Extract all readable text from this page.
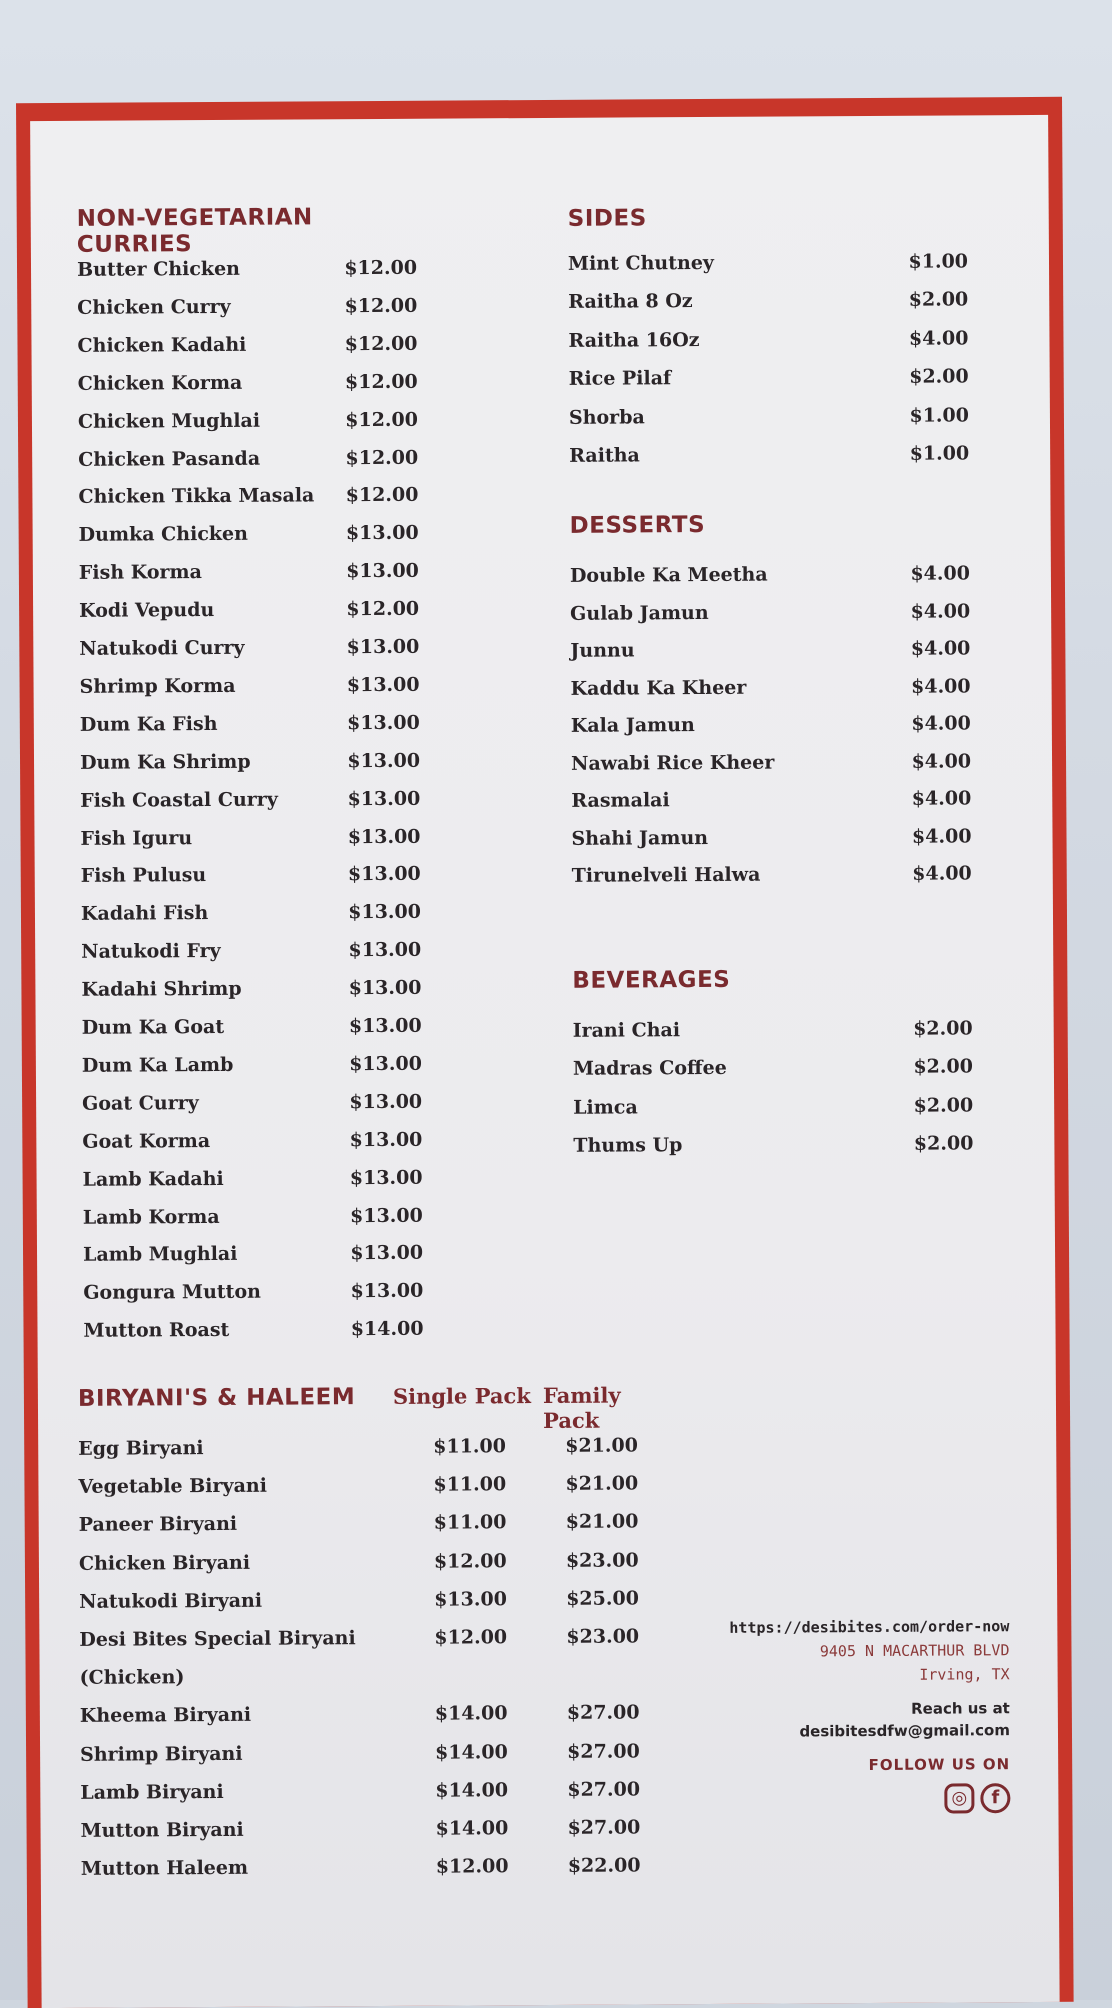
NON-VEGETARIAN CURRIES
Butter Chicken	$12.00
Chicken Curry	$12.00
Chicken Kadahi	$12.00
Chicken Korma	$12.00
Chicken Mughlai	$12.00
Chicken Pasanda	$12.00
Chicken Tikka Masala $12.00
Dumka Chicken	$13.00
Fish Korma	$13.00
Kodi Vepudu	$12.00
Natukodi Curry	$13.00
Shrimp Korma	$13.00
Dum Ka Fish	$13.00
Dum Ka Shrimp	$13.00
Fish Coastal Curry	$13.00
Fish Iguru	$13.00
Fish Pulusu	$13.00
Kadahi Fish	$13.00
Natukodi Fry	$13.00
Kadahi Shrimp	$13.00
Dum Ka Goat	$13.00
Dum Ka Lamb	$13.00
Goat Curry	$13.00
Goat Korma	$13.00
Lamb Kadahi	$13.00
Lamb Korma	$13.00
Lamb Mughlai	$13.00
Gongura Mutton	$13.00
Mutton Roast	$14.00
SIDES
Mint Chutney	$1.00
Raitha 8 Oz	$2.00
Raitha 16Oz	$4.00
Rice Pilaf	$2.00
Shorba	$1.00
Raitha	$1.00
DESSERTS
Double Ka Meetha	$4.00
Gulab Jamun	$4.00
Junnu	$4.00
Kaddu Ka Kheer	$4.00
Kala Jamun	$4.00
Nawabi Rice Kheer	$4.00
Rasmalai	$4.00
Shahi Jamun	$4.00
Tirunelveli Halwa	$4.00
BEVERAGES
Irani Chai	$2.00
Madras Coffee	$2.00
Limca	$2.00
Thums Up	$2.00
BIRYANI'S & HALEEM	Single Pack Family Pack
Egg Biryani	$11.00	$21.00
Vegetable Biryani	$11.00	$21.00
Paneer Biryani	$11.00	$21.00
Chicken Biryani	$12.00	$23.00
Natukodi Biryani	$13.00	$25.00
Desi Bites Special Biryani	$12.00	$23.00
(Chicken)
Kheema Biryani	$14.00	$27.00
Shrimp Biryani	$14.00	$27.00
Lamb Biryani	$14.00	$27.00
Mutton Biryani	$14.00	$27.00
Mutton Haleem	$12.00	$22.00
https://desibites.com/order-now
9405 N MACARTHUR BLVD
Irving, TX
Reach us at
desibitesdfw@gmail.com
FOLLOW US ON
◎	f
